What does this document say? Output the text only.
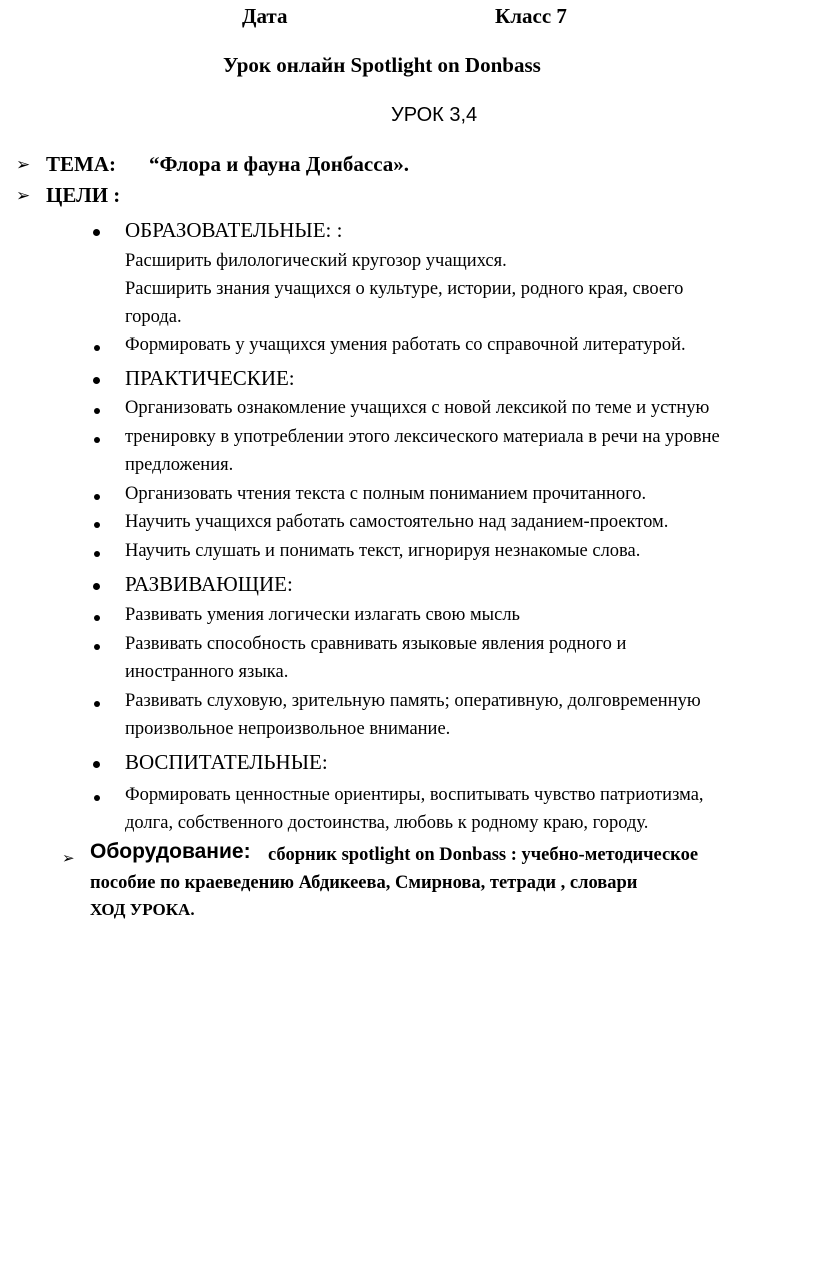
Дата	Класс 7
Урок онлайн Spotlight on Donbass
УРОК 3,4
➢ ТЕМА: “Флора и фауна Донбасса».
➢ ЦЕЛИ :
ОБРАЗОВАТЕЛЬНЫЕ: :
Расширить филологический кругозор учащихся.
Расширить знания учащихся о культуре, истории, родного края, своего
города.
Формировать у учащихся умения работать со справочной литературой.
ПРАКТИЧЕСКИЕ:
Организовать ознакомление учащихся с новой лексикой по теме и устную
тренировку в употреблении этого лексического материала в речи на уровне
предложения.
Организовать чтения текста с полным пониманием прочитанного.
Научить учащихся работать самостоятельно над заданием-проектом.
Научить слушать и понимать текст, игнорируя незнакомые слова.
РАЗВИВАЮЩИЕ:
Развивать умения логически излагать свою мысль
Развивать способность сравнивать языковые явления родного и
иностранного языка.
Развивать слуховую, зрительную память; оперативную, долговременную
произвольное непроизвольное внимание.
ВОСПИТАТЕЛЬНЫЕ:
Формировать ценностные ориентиры, воспитывать чувство патриотизма,
долга, собственного достоинства, любовь к родному краю, городу.
➢ Оборудование: сборник spotlight on Donbass : учебно-методическое
пособие по краеведению Абдикеева, Смирнова, тетради , словари
ХОД УРОКА.
